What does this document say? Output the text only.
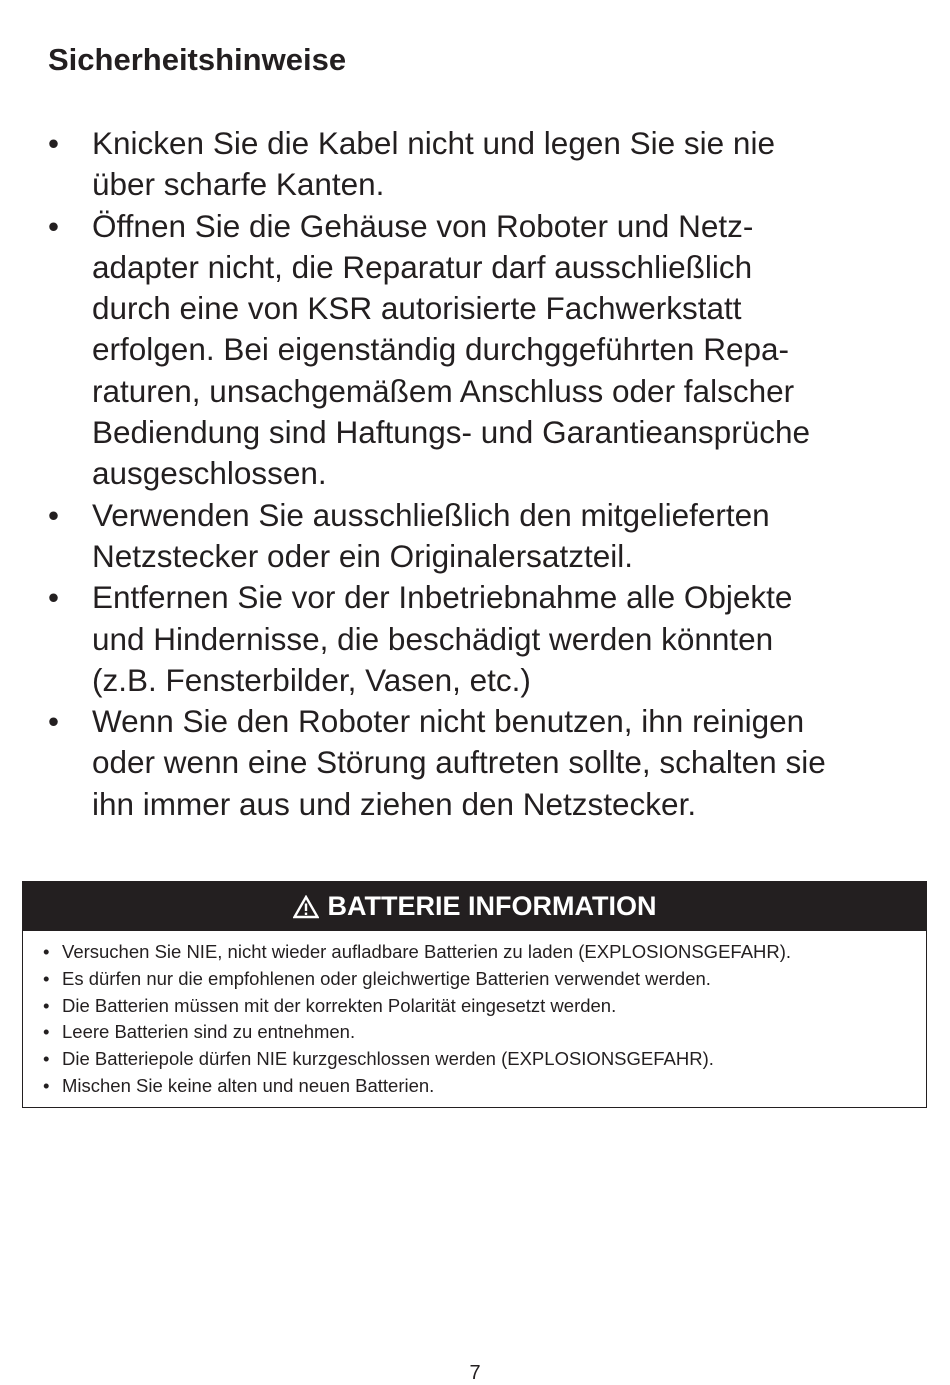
Sicherheitshinweise
• Knicken Sie die Kabel nicht und legen Sie sie nie
über scharfe Kanten.
• Öffnen Sie die Gehäuse von Roboter und Netz-
adapter nicht, die Reparatur darf ausschließlich
durch eine von KSR autorisierte Fachwerkstatt
erfolgen. Bei eigenständig durchggeführten Repa-
raturen, unsachgemäßem Anschluss oder falscher
Bediendung sind Haftungs- und Garantieansprüche
ausgeschlossen.
• Verwenden Sie ausschließlich den mitgelieferten
Netzstecker oder ein Originalersatzteil.
• Entfernen Sie vor der Inbetriebnahme alle Objekte
und Hindernisse, die beschädigt werden könnten
(z.B. Fensterbilder, Vasen, etc.)
• Wenn Sie den Roboter nicht benutzen, ihn reinigen
oder wenn eine Störung auftreten sollte, schalten sie
ihn immer aus und ziehen den Netzstecker.
BATTERIE INFORMATION
• Versuchen Sie NIE, nicht wieder aufladbare Batterien zu laden (EXPLOSIONSGEFAHR).
• Es dürfen nur die empfohlenen oder gleichwertige Batterien verwendet werden.
• Die Batterien müssen mit der korrekten Polarität eingesetzt werden.
• Leere Batterien sind zu entnehmen.
• Die Batteriepole dürfen NIE kurzgeschlossen werden (EXPLOSIONSGEFAHR).
• Mischen Sie keine alten und neuen Batterien.
7
